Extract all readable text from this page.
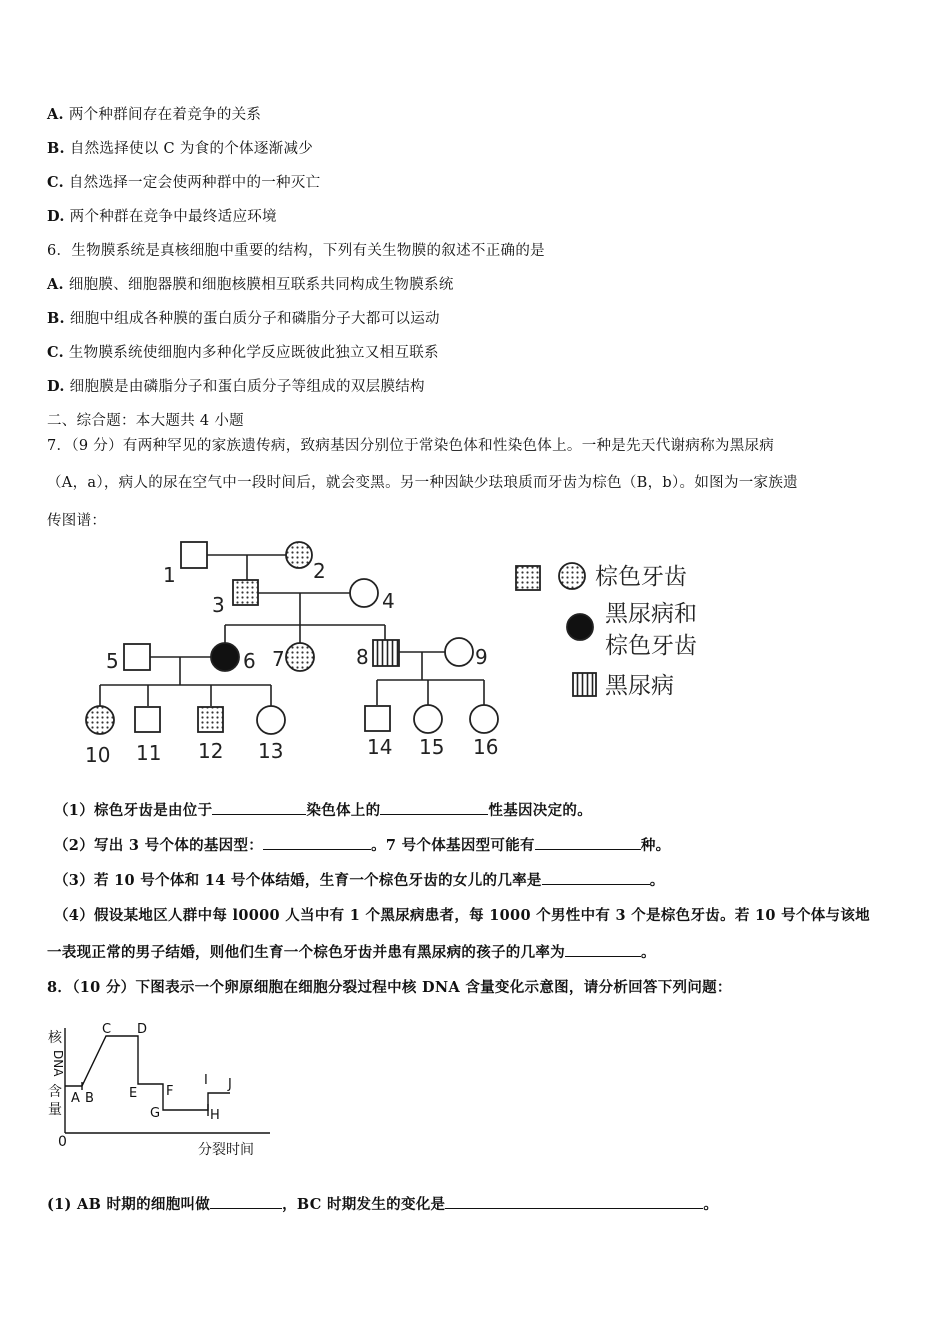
A. 两个种群间存在着竞争的关系
B. 自然选择使以 C 为食的个体逐渐减少
C. 自然选择一定会使两种群中的一种灭亡
D. 两个种群在竞争中最终适应环境
6．生物膜系统是真核细胞中重要的结构，下列有关生物膜的叙述不正确的是
A. 细胞膜、细胞器膜和细胞核膜相互联系共同构成生物膜系统
B. 细胞中组成各种膜的蛋白质分子和磷脂分子大都可以运动
C. 生物膜系统使细胞内多种化学反应既彼此独立又相互联系
D. 细胞膜是由磷脂分子和蛋白质分子等组成的双层膜结构
二、综合题：本大题共 4 小题
7．（9 分）有两种罕见的家族遗传病，致病基因分别位于常染色体和性染色体上。一种是先天代谢病称为黑尿病
（A，a），病人的尿在空气中一段时间后，就会变黑。另一种因缺少珐琅质而牙齿为棕色（B，b）。如图为一家族遗
传图谱：
1	2
3	4
5	6 7	8	9
10 11 12 13	14 15 16
棕色牙齿
黑尿病和
棕色牙齿
黑尿病
（1）棕色牙齿是由位于	染色体上的	性基因决定的。
（2）写出 3 号个体的基因型：	。7 号个体基因型可能有	种。
（3）若 10 号个体和 14 号个体结婚，生育一个棕色牙齿的女儿的几率是	。
（4）假设某地区人群中每 l0000 人当中有 1 个黑尿病患者，每 1000 个男性中有 3 个是棕色牙齿。若 10 号个体与该地
一表现正常的男子结婚，则他们生育一个棕色牙齿并患有黑尿病的孩子的几率为	。
8．（10 分）下图表示一个卵原细胞在细胞分裂过程中核 DNA 含量变化示意图，请分析回答下列问题：
核
DNA
含
量
0	分裂时间
A B
C D
E F
G	H
I J
(1) AB 时期的细胞叫做	，BC 时期发生的变化是	。
